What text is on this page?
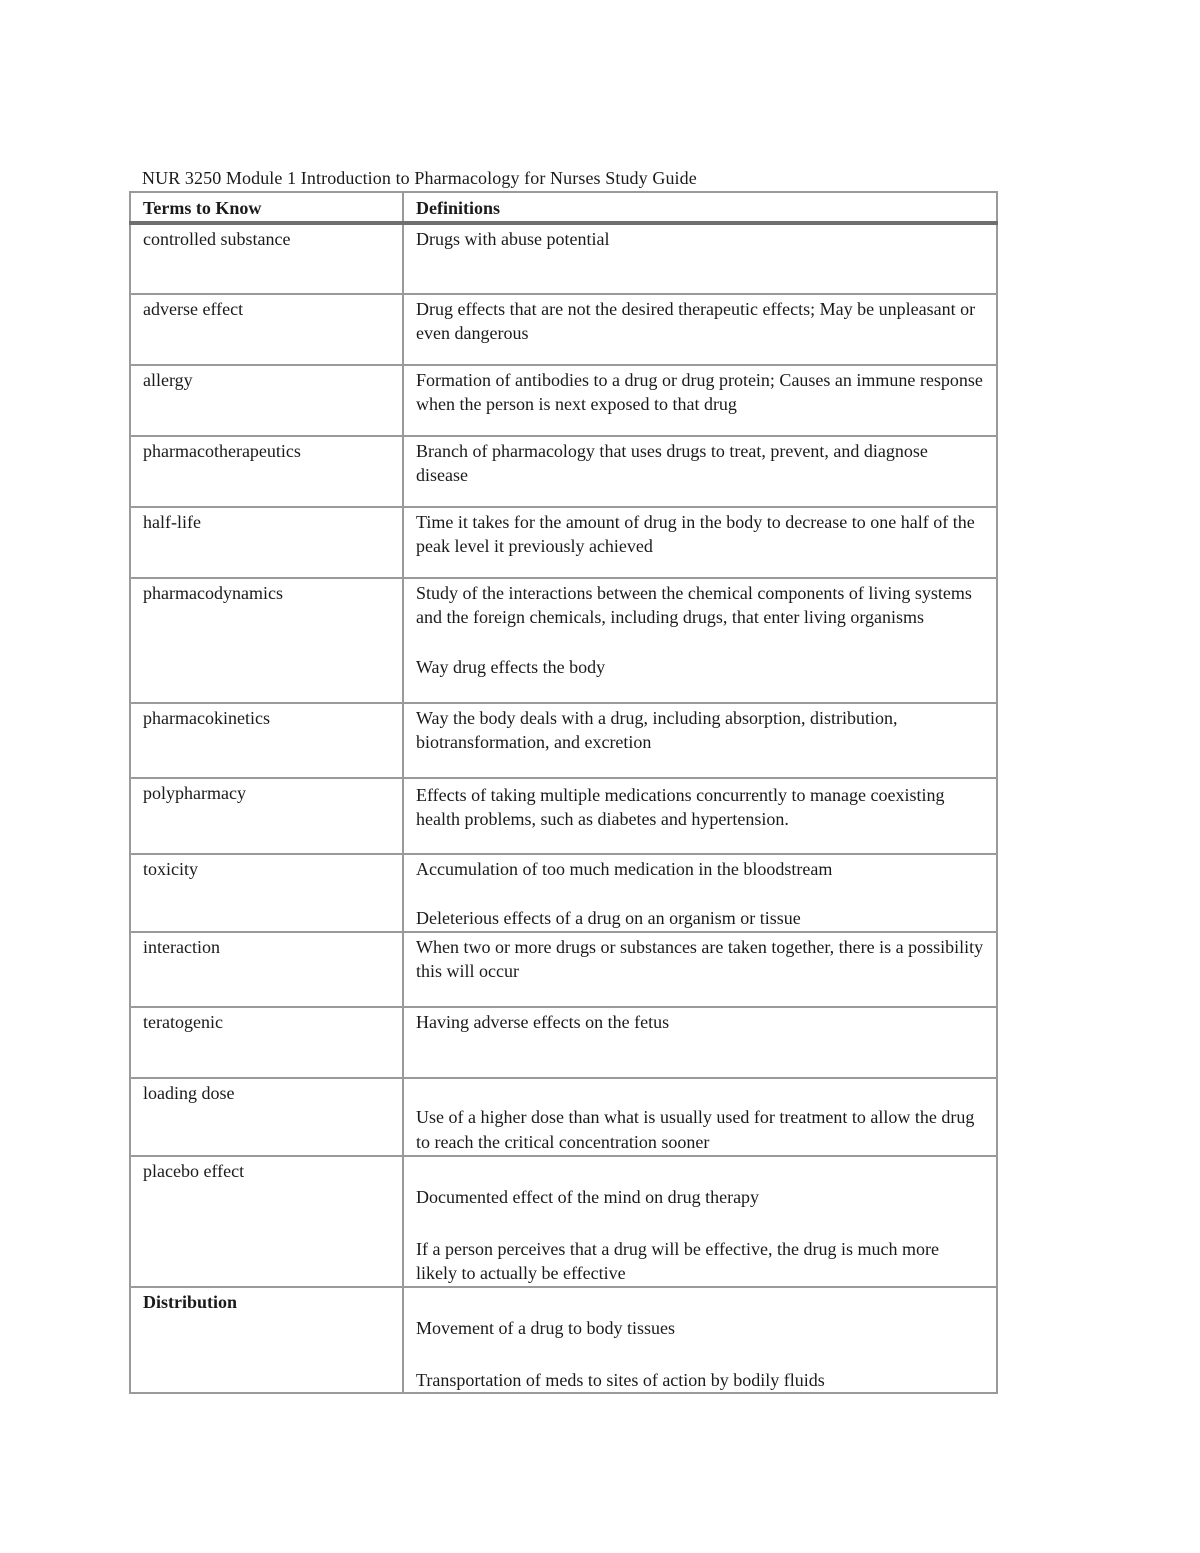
NUR 3250 Module 1 Introduction to Pharmacology for Nurses Study Guide
Terms to Know	Definitions

controlled substance	Drugs with abuse potential

adverse effect	Drug effects that are not the desired therapeutic effects; May be unpleasant or even dangerous

allergy	Formation of antibodies to a drug or drug protein; Causes an immune response when the person is next exposed to that drug

pharmacotherapeutics	Branch of pharmacology that uses drugs to treat, prevent, and diagnose disease

half-life	Time it takes for the amount of drug in the body to decrease to one half of the peak level it previously achieved

pharmacodynamics	Study of the interactions between the chemical components of living systems and the foreign chemicals, including drugs, that enter living organisms
Way drug effects the body

pharmacokinetics	Way the body deals with a drug, including absorption, distribution, biotransformation, and excretion

polypharmacy	Effects of taking multiple medications concurrently to manage coexisting health problems, such as diabetes and hypertension.

toxicity	Accumulation of too much medication in the bloodstream
Deleterious effects of a drug on an organism or tissue

interaction	When two or more drugs or substances are taken together, there is a possibility this will occur

teratogenic	Having adverse effects on the fetus

loading dose	Use of a higher dose than what is usually used for treatment to allow the drug to reach the critical concentration sooner

placebo effect	Documented effect of the mind on drug therapy
If a person perceives that a drug will be effective, the drug is much more likely to actually be effective

Distribution	Movement of a drug to body tissues
Transportation of meds to sites of action by bodily fluids
